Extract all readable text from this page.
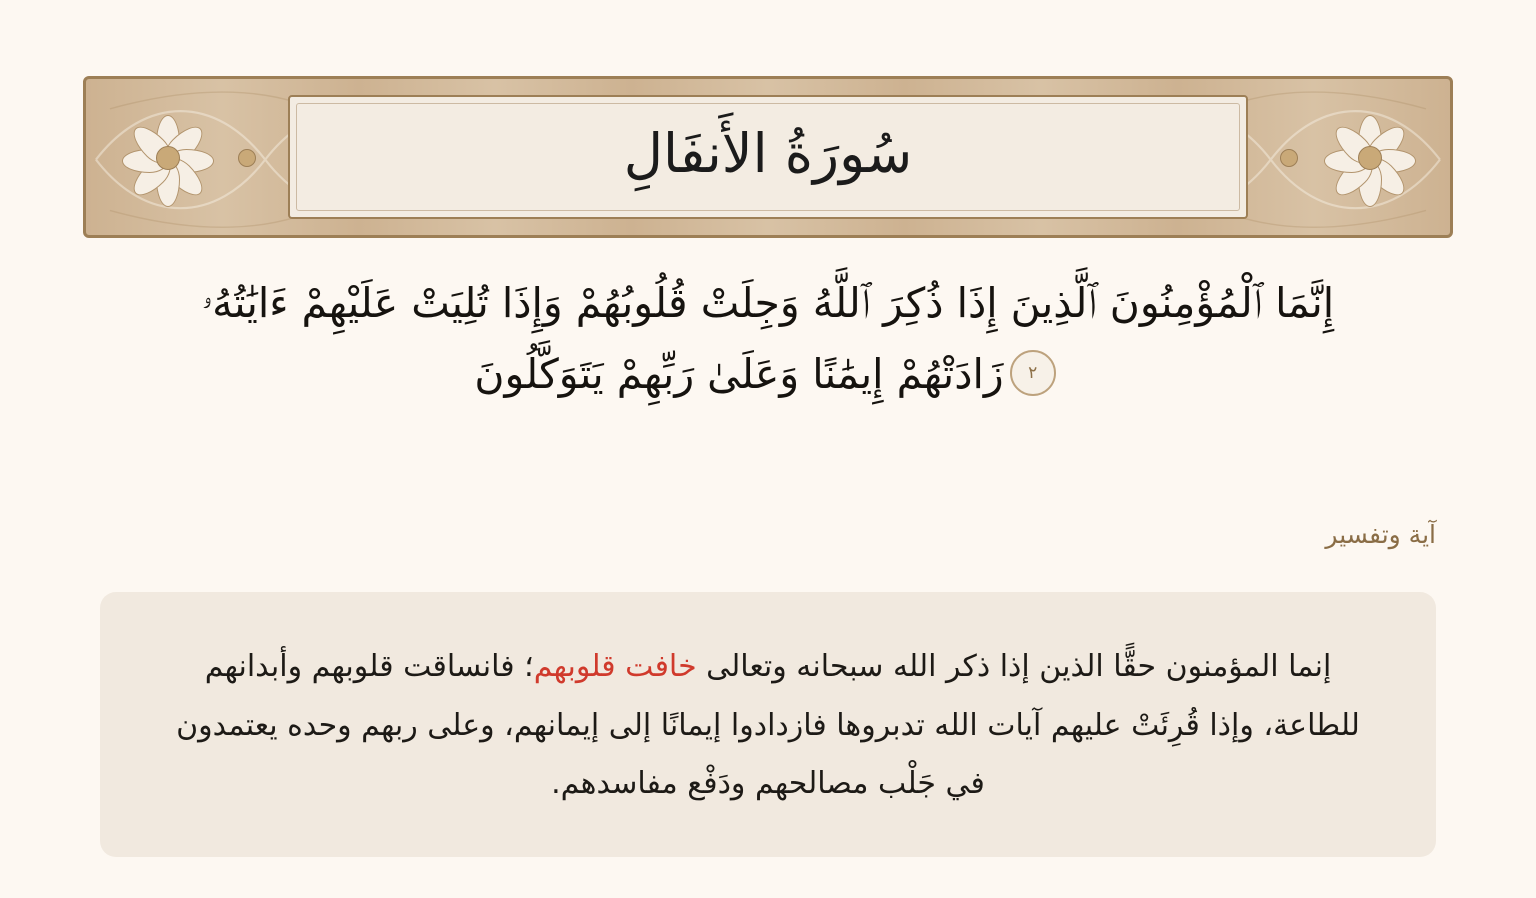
سُورَةُ الأَنفَالِ
إِنَّمَا ٱلْمُؤْمِنُونَ ٱلَّذِينَ إِذَا ذُكِرَ ٱللَّهُ وَجِلَتْ قُلُوبُهُمْ وَإِذَا تُلِيَتْ عَلَيْهِمْ ءَايَٰتُهُۥ
٢زَادَتْهُمْ إِيمَٰنًا وَعَلَىٰ رَبِّهِمْ يَتَوَكَّلُونَ
آية وتفسير
إنما المؤمنون حقًّا الذين إذا ذكر الله سبحانه وتعالى خافت قلوبهم؛ فانساقت قلوبهم وأبدانهم للطاعة، وإذا قُرِئَتْ عليهم آيات الله تدبروها فازدادوا إيمانًا إلى إيمانهم، وعلى ربهم وحده يعتمدون في جَلْب مصالحهم ودَفْع مفاسدهم.
